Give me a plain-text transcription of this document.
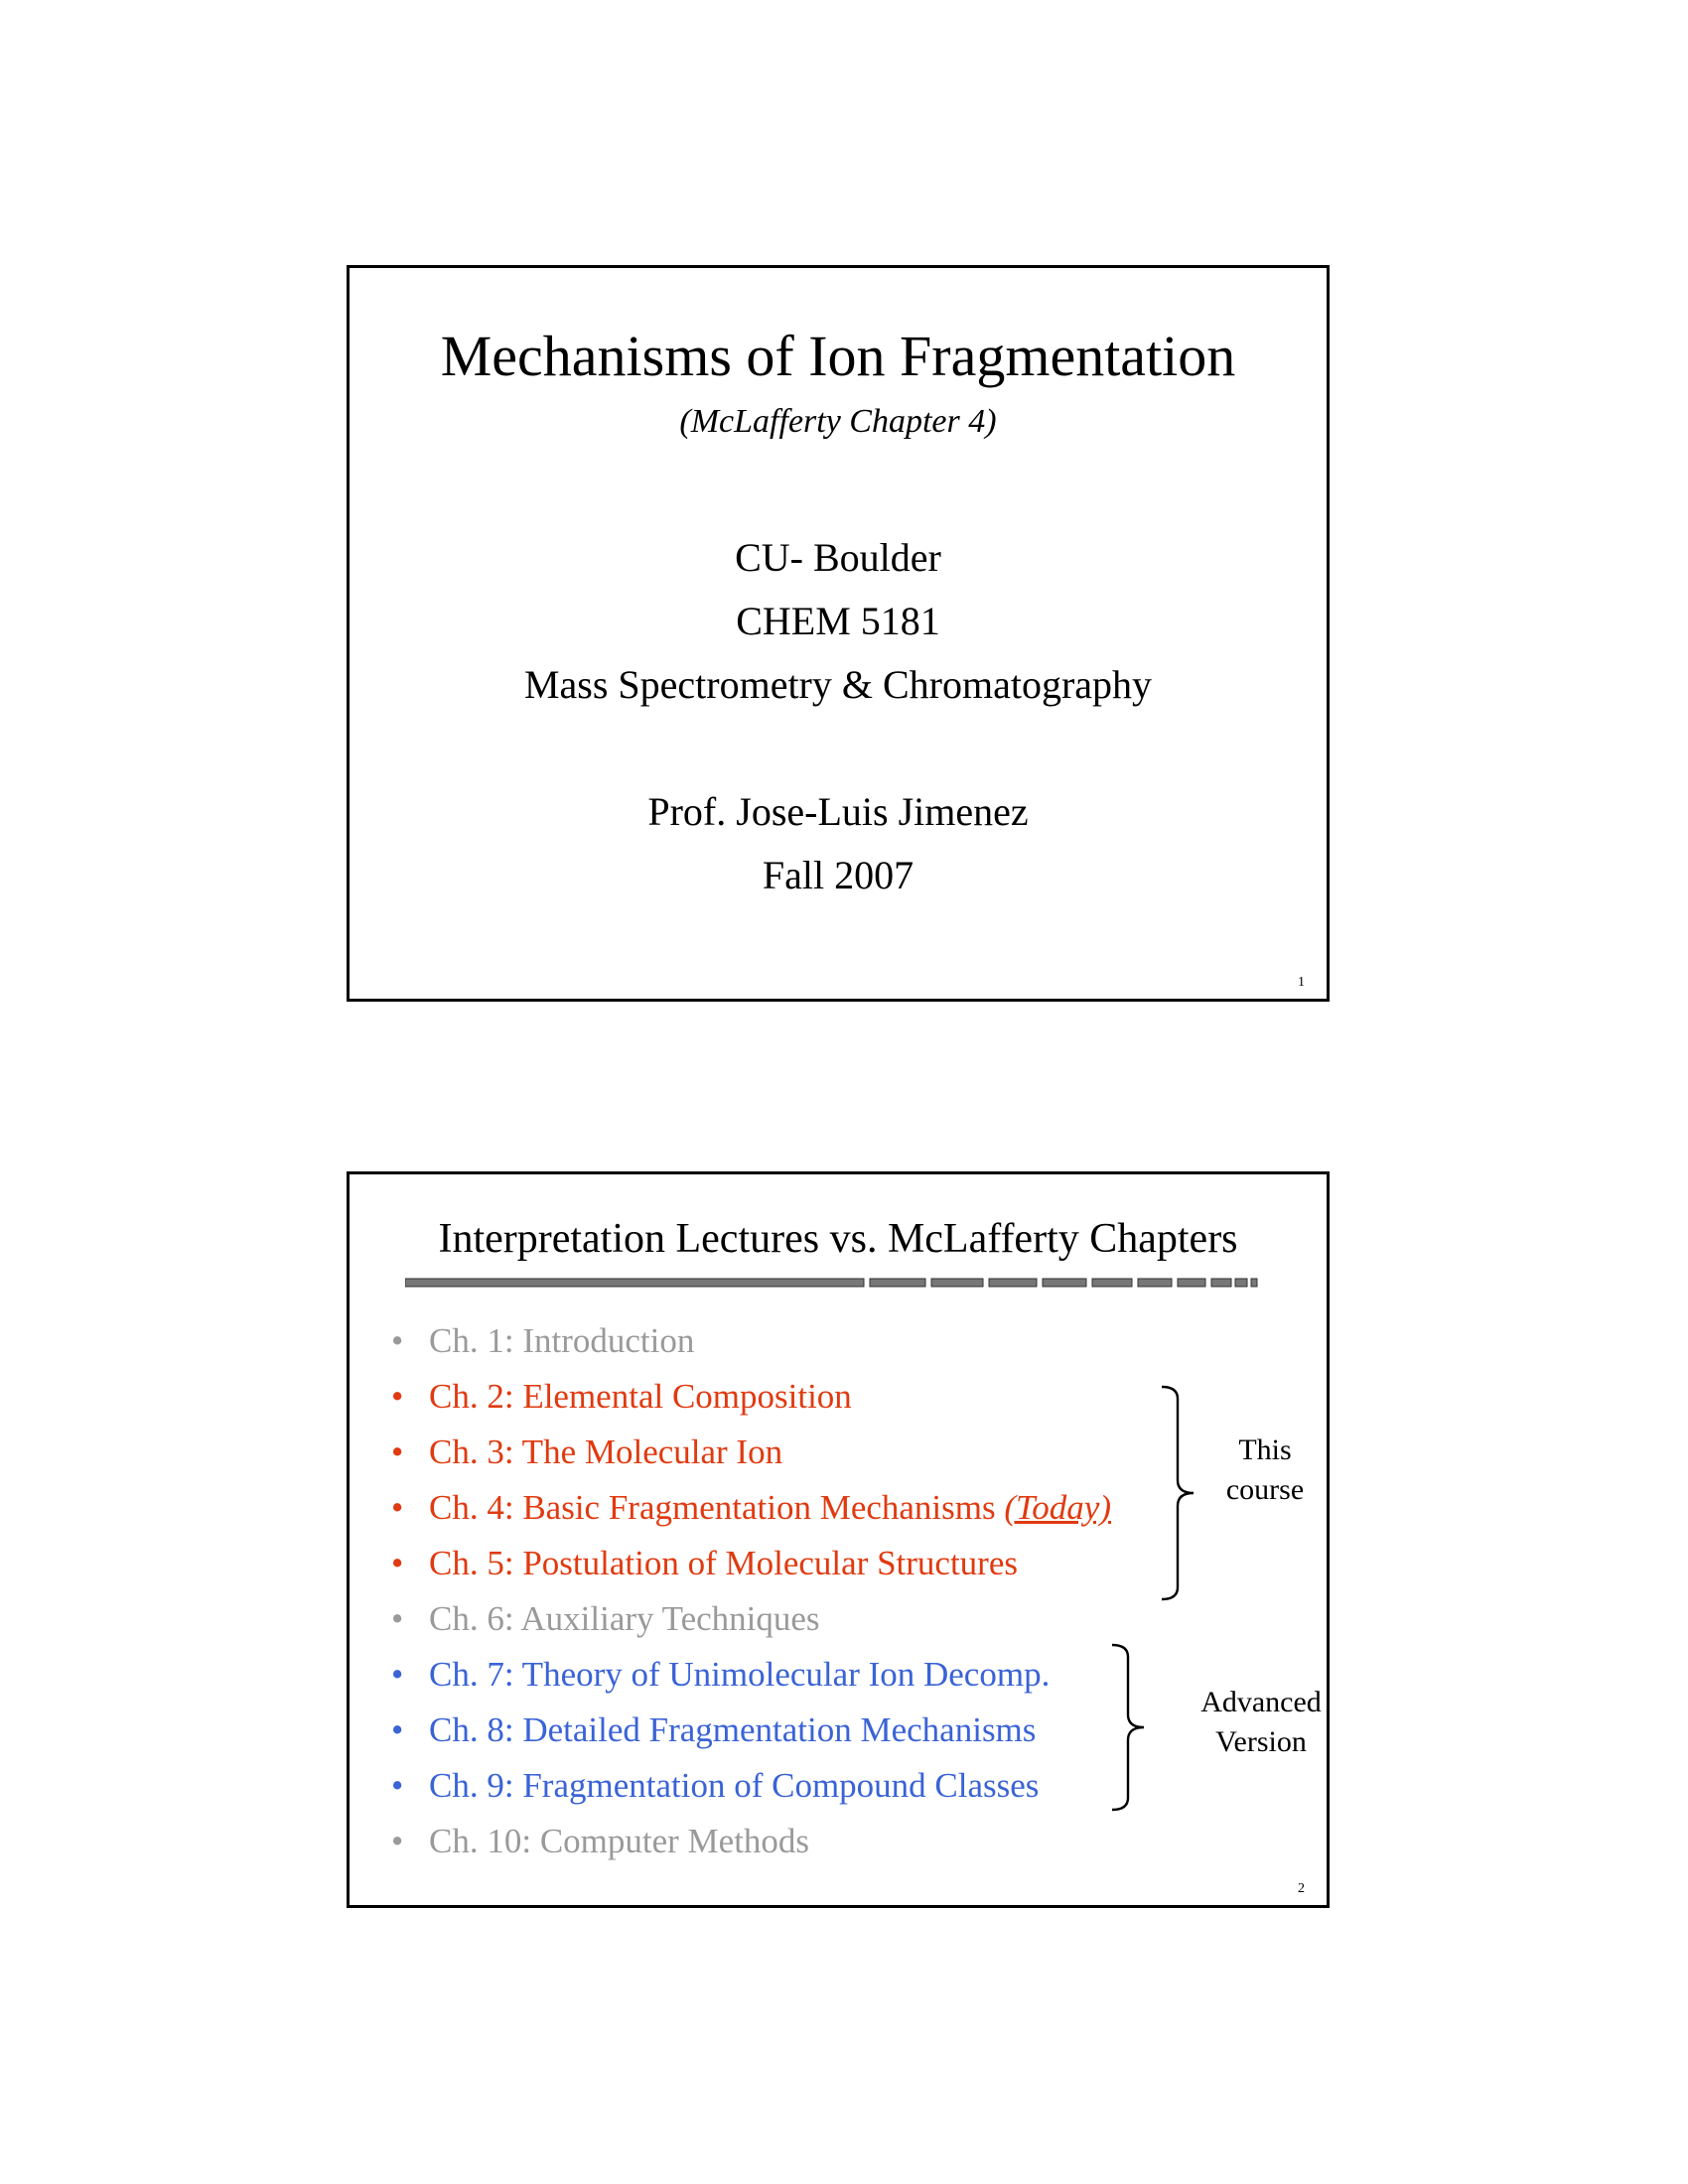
Mechanisms of Ion Fragmentation
(McLafferty Chapter 4)
CU- Boulder
CHEM 5181
Mass Spectrometry & Chromatography
Prof. Jose-Luis Jimenez
Fall 2007
1
Interpretation Lectures vs. McLafferty Chapters
• Ch. 1: Introduction
• Ch. 2: Elemental Composition
• Ch. 3: The Molecular Ion
• Ch. 4: Basic Fragmentation Mechanisms (Today)
• Ch. 5: Postulation of Molecular Structures
• Ch. 6: Auxiliary Techniques
• Ch. 7: Theory of Unimolecular Ion Decomp.
• Ch. 8: Detailed Fragmentation Mechanisms
• Ch. 9: Fragmentation of Compound Classes
• Ch. 10: Computer Methods
This
course
Advanced
Version
2
